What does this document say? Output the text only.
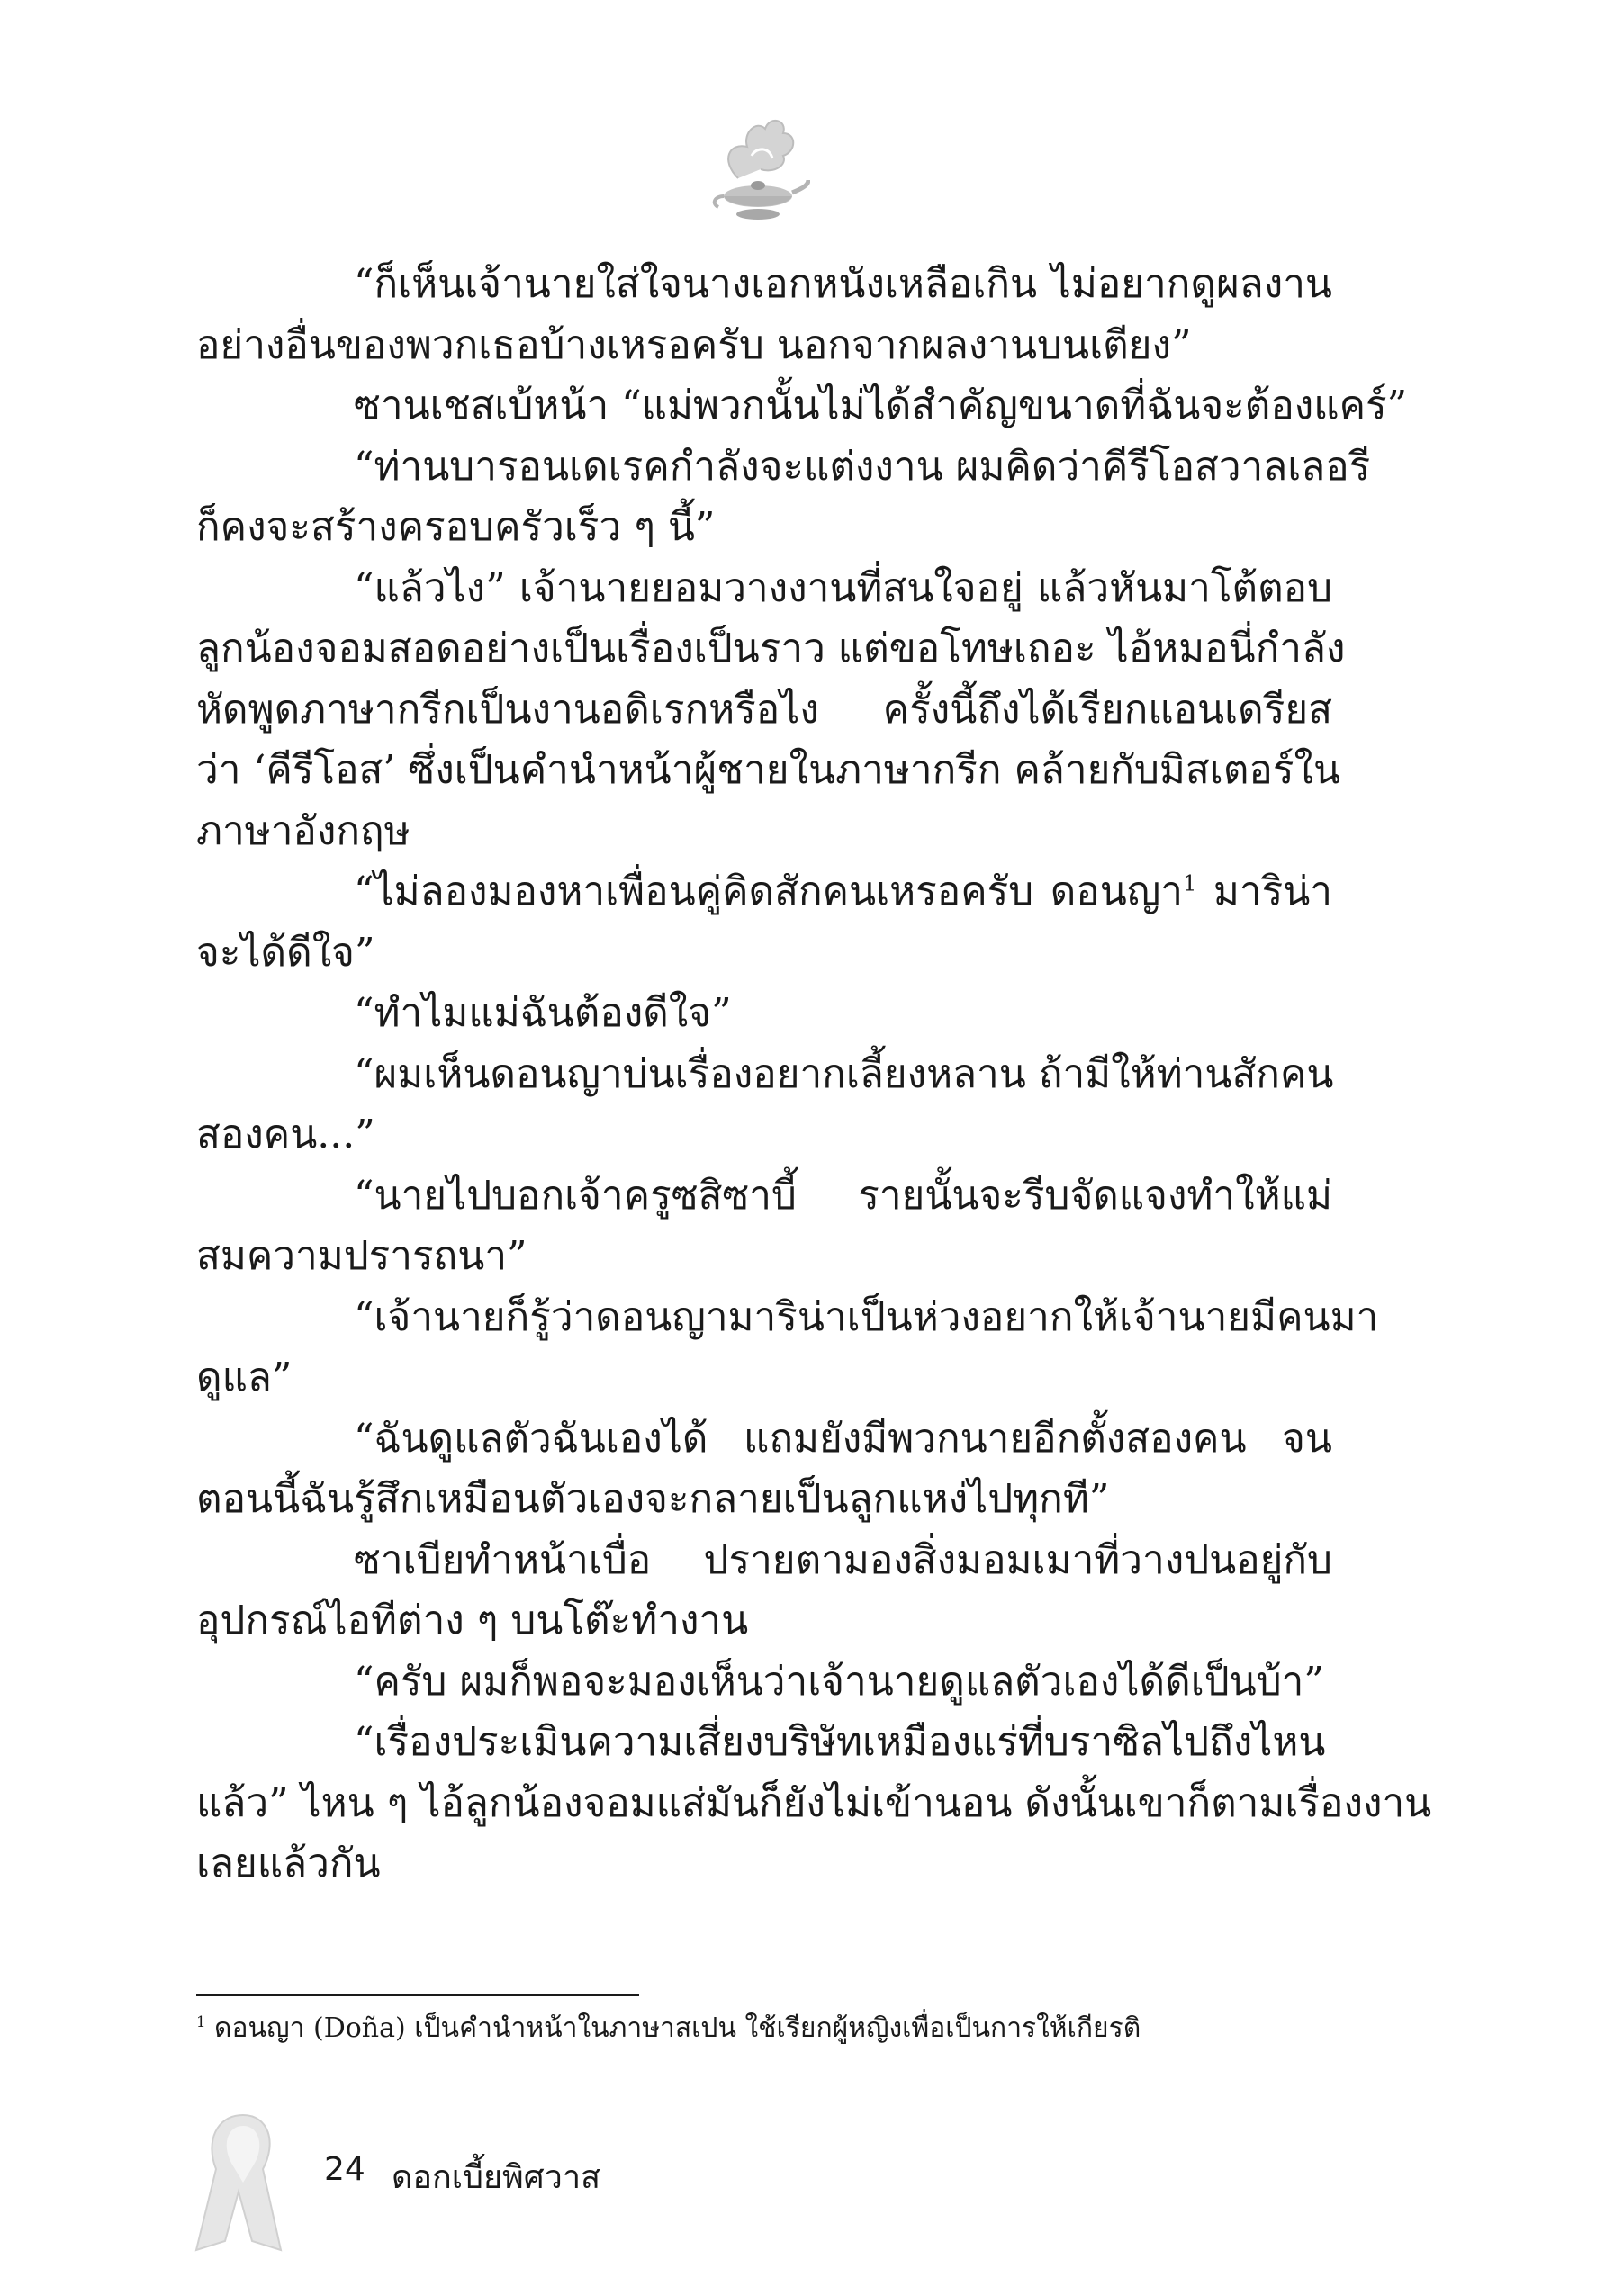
“ก็เห็นเจ้านายใส่ใจนางเอกหนังเหลือเกิน ไม่อยากดูผลงาน
อย่างอื่นของพวกเธอบ้างเหรอครับ นอกจากผลงานบนเตียง”
ซานเชสเบ้หน้า “แม่พวกนั้นไม่ได้สำคัญขนาดที่ฉันจะต้องแคร์”
“ท่านบารอนเดเรคกำลังจะแต่งงาน ผมคิดว่าคีรีโอสวาลเลอรี
ก็คงจะสร้างครอบครัวเร็ว ๆ นี้”
“แล้วไง” เจ้านายยอมวางงานที่สนใจอยู่ แล้วหันมาโต้ตอบ
ลูกน้องจอมสอดอย่างเป็นเรื่องเป็นราว แต่ขอโทษเถอะ ไอ้หมอนี่กำลัง
หัดพูดภาษากรีกเป็นงานอดิเรกหรือไง ครั้งนี้ถึงได้เรียกแอนเดรียส
ว่า ‘คีรีโอส’ ซึ่งเป็นคำนำหน้าผู้ชายในภาษากรีก คล้ายกับมิสเตอร์ใน
ภาษาอังกฤษ
“ไม่ลองมองหาเพื่อนคู่คิดสักคนเหรอครับ ดอนญา$^1$ มาริน่า
จะได้ดีใจ”
“ทำไมแม่ฉันต้องดีใจ”
“ผมเห็นดอนญาบ่นเรื่องอยากเลี้ยงหลาน ถ้ามีให้ท่านสักคน
สองคน...”
“นายไปบอกเจ้าครูซสิซาบี้ รายนั้นจะรีบจัดแจงทำให้แม่
สมความปรารถนา”
“เจ้านายก็รู้ว่าดอนญามาริน่าเป็นห่วงอยากให้เจ้านายมีคนมา
ดูแล”
“ฉันดูแลตัวฉันเองได้ แถมยังมีพวกนายอีกตั้งสองคน จน
ตอนนี้ฉันรู้สึกเหมือนตัวเองจะกลายเป็นลูกแหง่ไปทุกที”
ซาเบียทำหน้าเบื่อ ปรายตามองสิ่งมอมเมาที่วางปนอยู่กับ
อุปกรณ์ไอทีต่าง ๆ บนโต๊ะทำงาน
“ครับ ผมก็พอจะมองเห็นว่าเจ้านายดูแลตัวเองได้ดีเป็นบ้า”
“เรื่องประเมินความเสี่ยงบริษัทเหมืองแร่ที่บราซิลไปถึงไหน
แล้ว” ไหน ๆ ไอ้ลูกน้องจอมแส่มันก็ยังไม่เข้านอน ดังนั้นเขาก็ตามเรื่องงาน
เลยแล้วกัน
$^1$ ดอนญา (Doña) เป็นคำนำหน้าในภาษาสเปน ใช้เรียกผู้หญิงเพื่อเป็นการให้เกียรติ
24 ดอกเบี้ยพิศวาส
